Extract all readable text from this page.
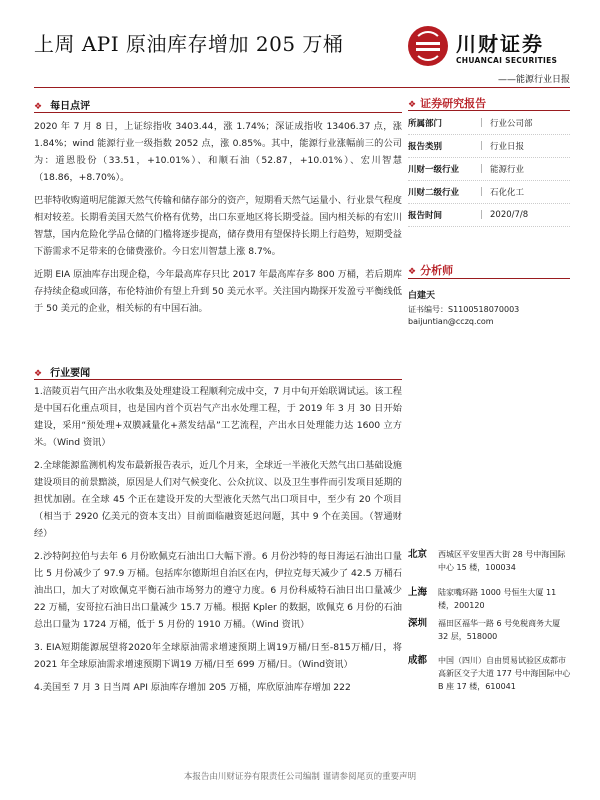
上周 API 原油库存增加 205 万桶	川财证券
CHUANCAI SECURITIES
——能源行业日报
❖ 每日点评

2020 年 7 月 8 日，上证综指收 3403.44，涨 1.74%；深证成指收 13406.37 点，涨 1.84%；wind 能源行业一级指数 2052 点，涨 0.85%。其中，能源行业涨幅前三的公司为：道恩股份（33.51，+10.01%）、和顺石油（52.87，+10.01%）、宏川智慧（18.86，+8.70%）。

巴菲特收购道明尼能源天然气传输和储存部分的资产，短期看天然气运量小、行业景气程度相对较差。长期看美国天然气价格有优势，出口东亚地区将长期受益。国内相关标的有宏川智慧，国内危险化学品仓储的门槛将逐步提高，储存费用有望保持长期上行趋势，短期受益下游需求不足带来的仓储费涨价。今日宏川智慧上涨 8.7%。

近期 EIA 原油库存出现企稳，今年最高库存只比 2017 年最高库存多 800 万桶，若后期库存持续企稳或回落，布伦特油价有望上升到 50 美元水平。关注国内勘探开发盈亏平衡线低于 50 美元的企业，相关标的有中国石油。

❖ 行业要闻

1.涪陵页岩气田产出水收集及处理建设工程顺利完成中交，7 月中旬开始联调试运。该工程是中国石化重点项目，也是国内首个页岩气产出水处理工程，于 2019 年 3 月 30 日开始建设，采用“预处理+双膜减量化+蒸发结晶”工艺流程，产出水日处理能力达 1600 立方米。（Wind 资讯）

2.全球能源监测机构发布最新报告表示，近几个月来，全球近一半液化天然气出口基础设施建设项目的前景黯淡，原因是人们对气候变化、公众抗议、以及卫生事件而引发项目延期的担忧加剧。在全球 45 个正在建设开发的大型液化天然气出口项目中，至少有 20 个项目（相当于 2920 亿美元的资本支出）目前面临融资延迟问题，其中 9 个在美国。（智通财经）

2.沙特阿拉伯与去年 6 月份欧佩克石油出口大幅下滑。6 月份沙特的每日海运石油出口量比 5 月份减少了 97.9 万桶。包括库尔德斯坦自治区在内，伊拉克每天减少了 42.5 万桶石油出口，加大了对欧佩克平衡石油市场努力的遵守力度。6 月份科威特石油日出口量减少 22 万桶，安哥拉石油日出口量减少 15.7 万桶。根据 Kpler 的数据，欧佩克 6 月份的石油总出口量为 1724 万桶，低于 5 月份的 1910 万桶。（Wind 资讯）

3. EIA短期能源展望将2020年全球原油需求增速预期上调19万桶/日至-815万桶/日，将 2021 年全球原油需求增速预期下调19 万桶/日至 699 万桶/日。（Wind资讯）

4.美国至 7 月 3 日当周 API 原油库存增加 205 万桶，库欣原油库存增加 222

❖ 证券研究报告
所属部门	| 行业公司部
报告类别	| 行业日报
川财一级行业	| 能源行业
川财二级行业	| 石化化工
报告时间	| 2020/7/8
❖ 分析师
白建天
证书编号：S1100518070003
baijuntian@cczq.com
北京 西城区平安里西大街 28 号中海国际中心 15 楼，100034
上海 陆家嘴环路 1000 号恒生大厦 11 楼，200120
深圳 福田区福华一路 6 号免税商务大厦 32 层，518000
成都 中国（四川）自由贸易试验区成都市高新区交子大道 177 号中海国际中心 B 座 17 楼，610041
本报告由川财证券有限责任公司编制 谨请参阅尾页的重要声明
